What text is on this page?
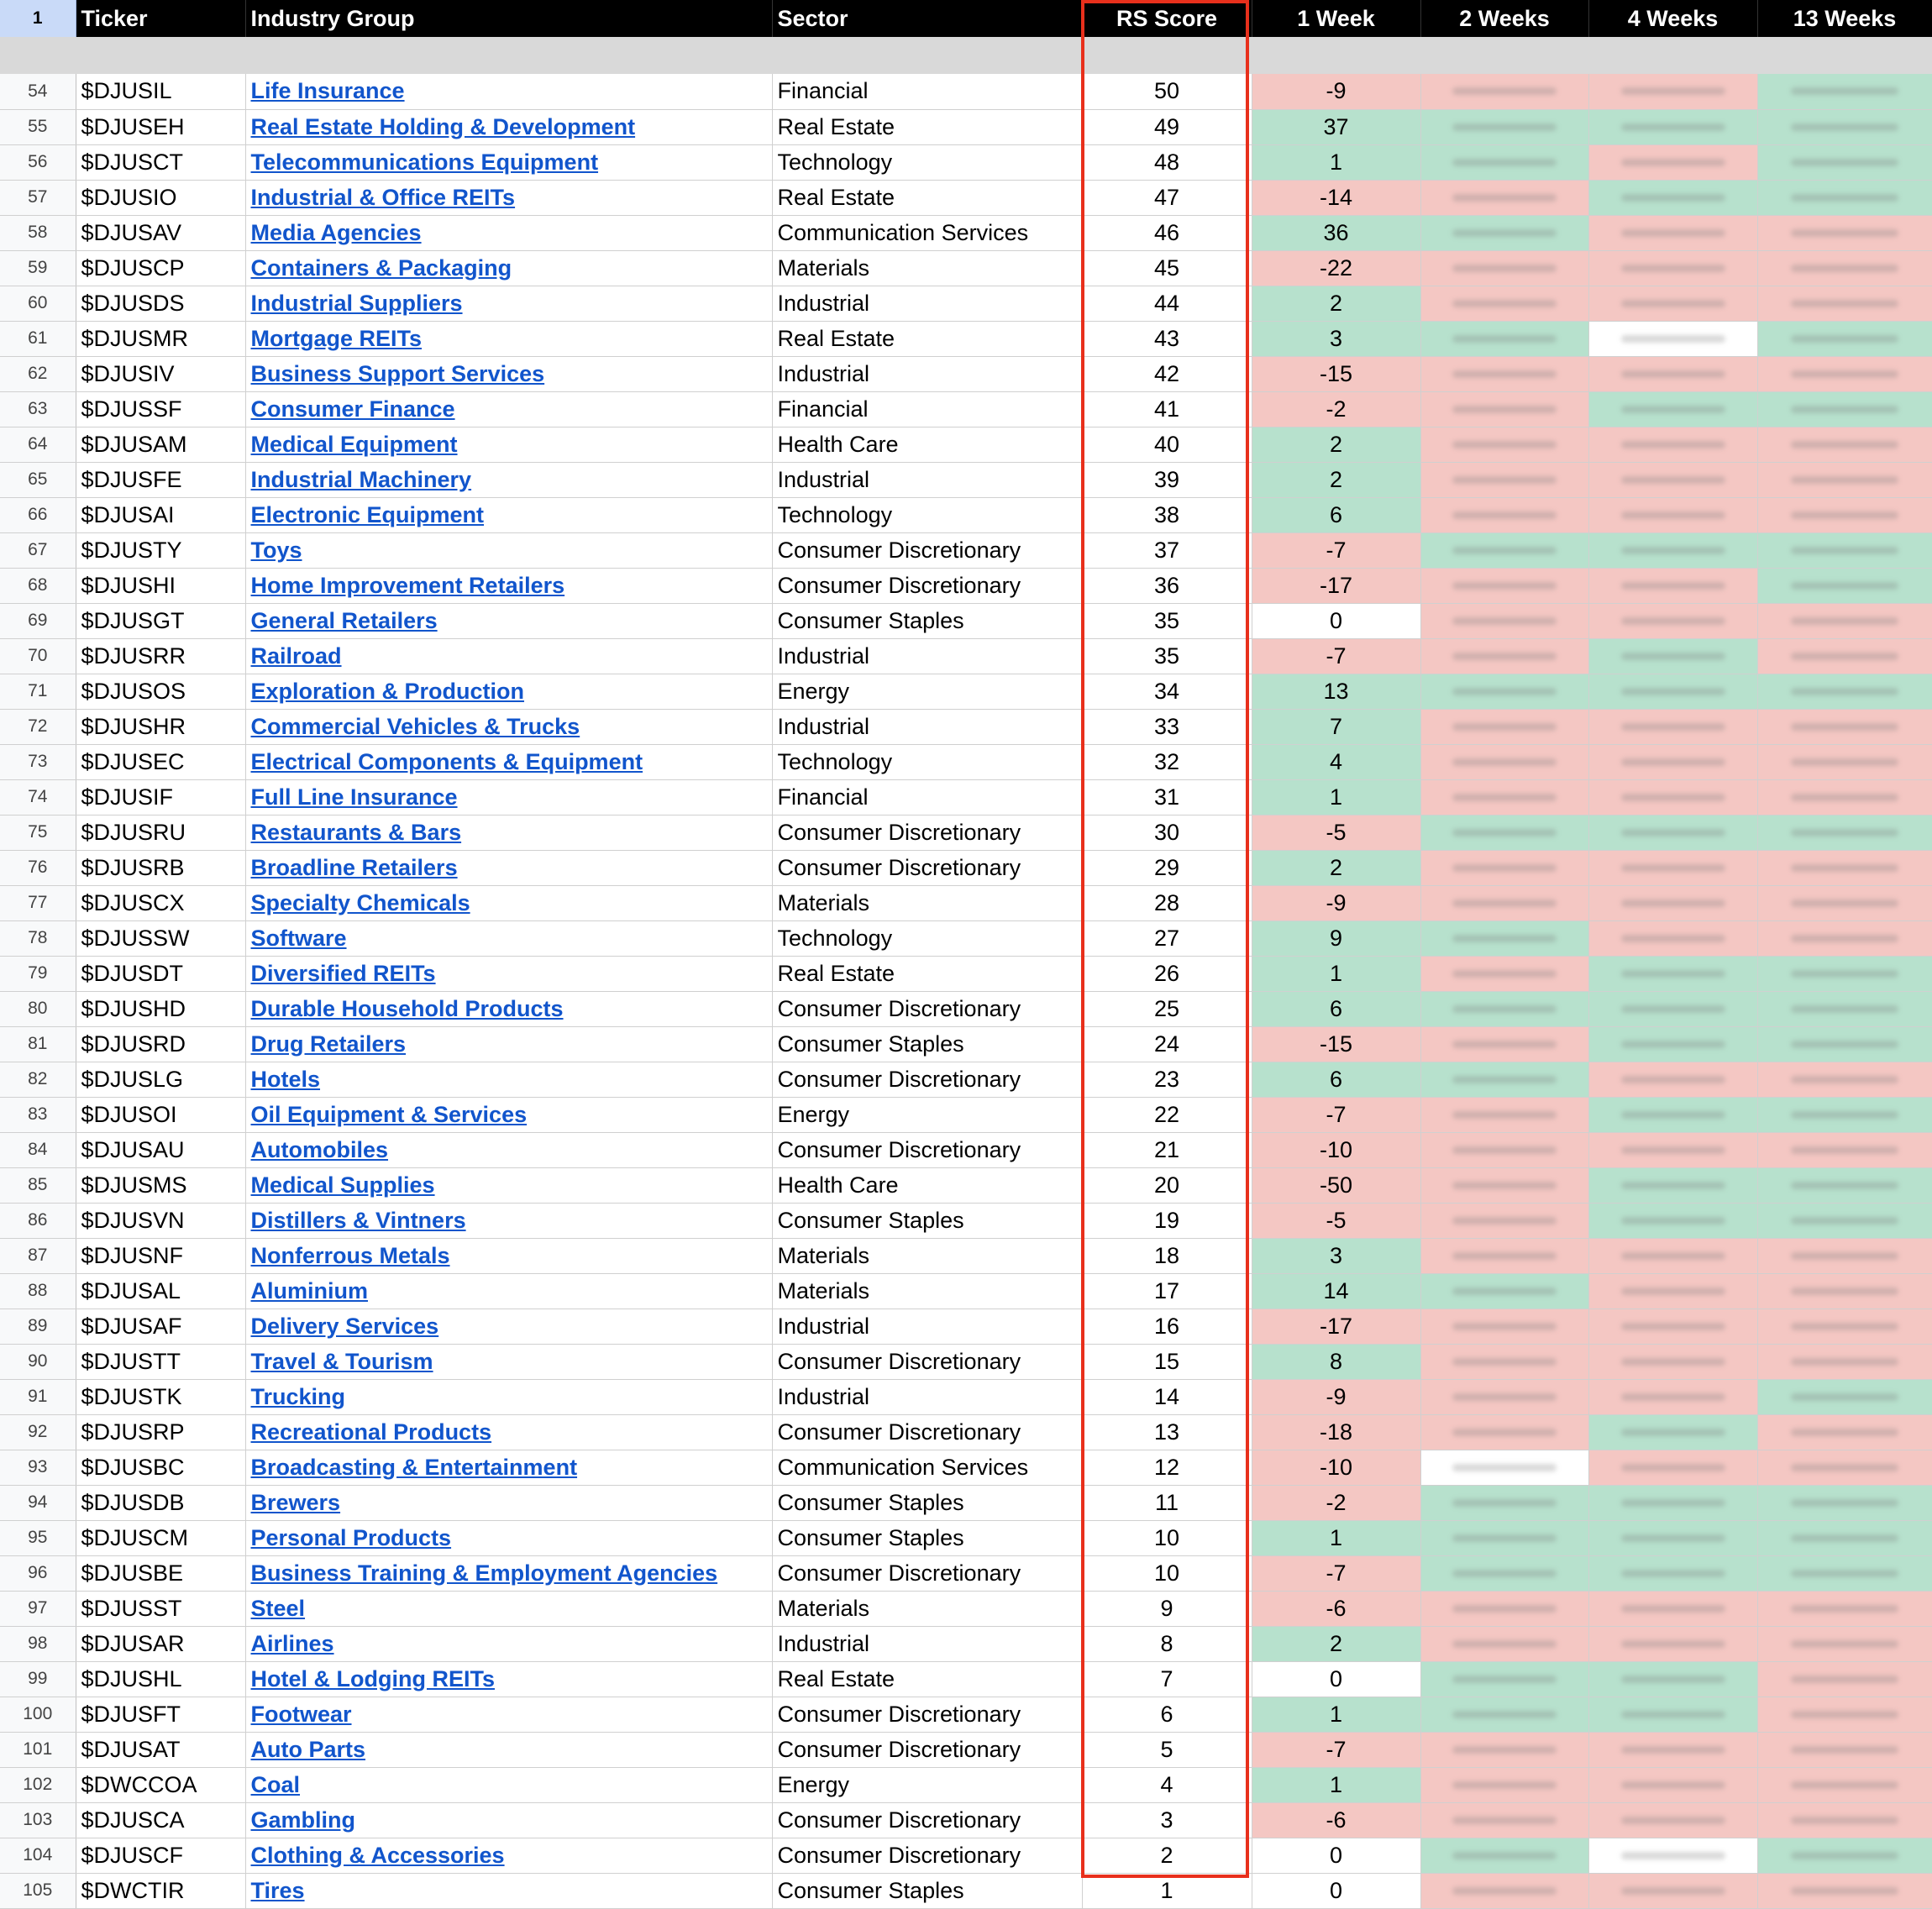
1	Ticker	Industry Group	Sector	RS Score	1 Week	2 Weeks	4 Weeks	13 Weeks

54	$DJUSIL	Life Insurance	Financial	50	-9	

55	$DJUSEH	Real Estate Holding & Development	Real Estate	49	37	

56	$DJUSCT	Telecommunications Equipment	Technology	48	1	

57	$DJUSIO	Industrial & Office REITs	Real Estate	47	-14	

58	$DJUSAV	Media Agencies	Communication Services	46	36	

59	$DJUSCP	Containers & Packaging	Materials	45	-22	

60	$DJUSDS	Industrial Suppliers	Industrial	44	2	

61	$DJUSMR	Mortgage REITs	Real Estate	43	3	

62	$DJUSIV	Business Support Services	Industrial	42	-15	

63	$DJUSSF	Consumer Finance	Financial	41	-2	

64	$DJUSAM	Medical Equipment	Health Care	40	2	

65	$DJUSFE	Industrial Machinery	Industrial	39	2	

66	$DJUSAI	Electronic Equipment	Technology	38	6	

67	$DJUSTY	Toys	Consumer Discretionary	37	-7	

68	$DJUSHI	Home Improvement Retailers	Consumer Discretionary	36	-17	

69	$DJUSGT	General Retailers	Consumer Staples	35	0	

70	$DJUSRR	Railroad	Industrial	35	-7	

71	$DJUSOS	Exploration & Production	Energy	34	13	

72	$DJUSHR	Commercial Vehicles & Trucks	Industrial	33	7	

73	$DJUSEC	Electrical Components & Equipment	Technology	32	4	

74	$DJUSIF	Full Line Insurance	Financial	31	1	

75	$DJUSRU	Restaurants & Bars	Consumer Discretionary	30	-5	

76	$DJUSRB	Broadline Retailers	Consumer Discretionary	29	2	

77	$DJUSCX	Specialty Chemicals	Materials	28	-9	

78	$DJUSSW	Software	Technology	27	9	

79	$DJUSDT	Diversified REITs	Real Estate	26	1	

80	$DJUSHD	Durable Household Products	Consumer Discretionary	25	6	

81	$DJUSRD	Drug Retailers	Consumer Staples	24	-15	

82	$DJUSLG	Hotels	Consumer Discretionary	23	6	

83	$DJUSOI	Oil Equipment & Services	Energy	22	-7	

84	$DJUSAU	Automobiles	Consumer Discretionary	21	-10	

85	$DJUSMS	Medical Supplies	Health Care	20	-50	

86	$DJUSVN	Distillers & Vintners	Consumer Staples	19	-5	

87	$DJUSNF	Nonferrous Metals	Materials	18	3	

88	$DJUSAL	Aluminium	Materials	17	14	

89	$DJUSAF	Delivery Services	Industrial	16	-17	

90	$DJUSTT	Travel & Tourism	Consumer Discretionary	15	8	

91	$DJUSTK	Trucking	Industrial	14	-9	

92	$DJUSRP	Recreational Products	Consumer Discretionary	13	-18	

93	$DJUSBC	Broadcasting & Entertainment	Communication Services	12	-10	

94	$DJUSDB	Brewers	Consumer Staples	11	-2	

95	$DJUSCM	Personal Products	Consumer Staples	10	1	

96	$DJUSBE	Business Training & Employment Agencies	Consumer Discretionary	10	-7	

97	$DJUSST	Steel	Materials	9	-6	

98	$DJUSAR	Airlines	Industrial	8	2	

99	$DJUSHL	Hotel & Lodging REITs	Real Estate	7	0	

100	$DJUSFT	Footwear	Consumer Discretionary	6	1	

101	$DJUSAT	Auto Parts	Consumer Discretionary	5	-7	

102	$DWCCOA	Coal	Energy	4	1	

103	$DJUSCA	Gambling	Consumer Discretionary	3	-6	

104	$DJUSCF	Clothing & Accessories	Consumer Discretionary	2	0	

105	$DWCTIR	Tires	Consumer Staples	1	0	
